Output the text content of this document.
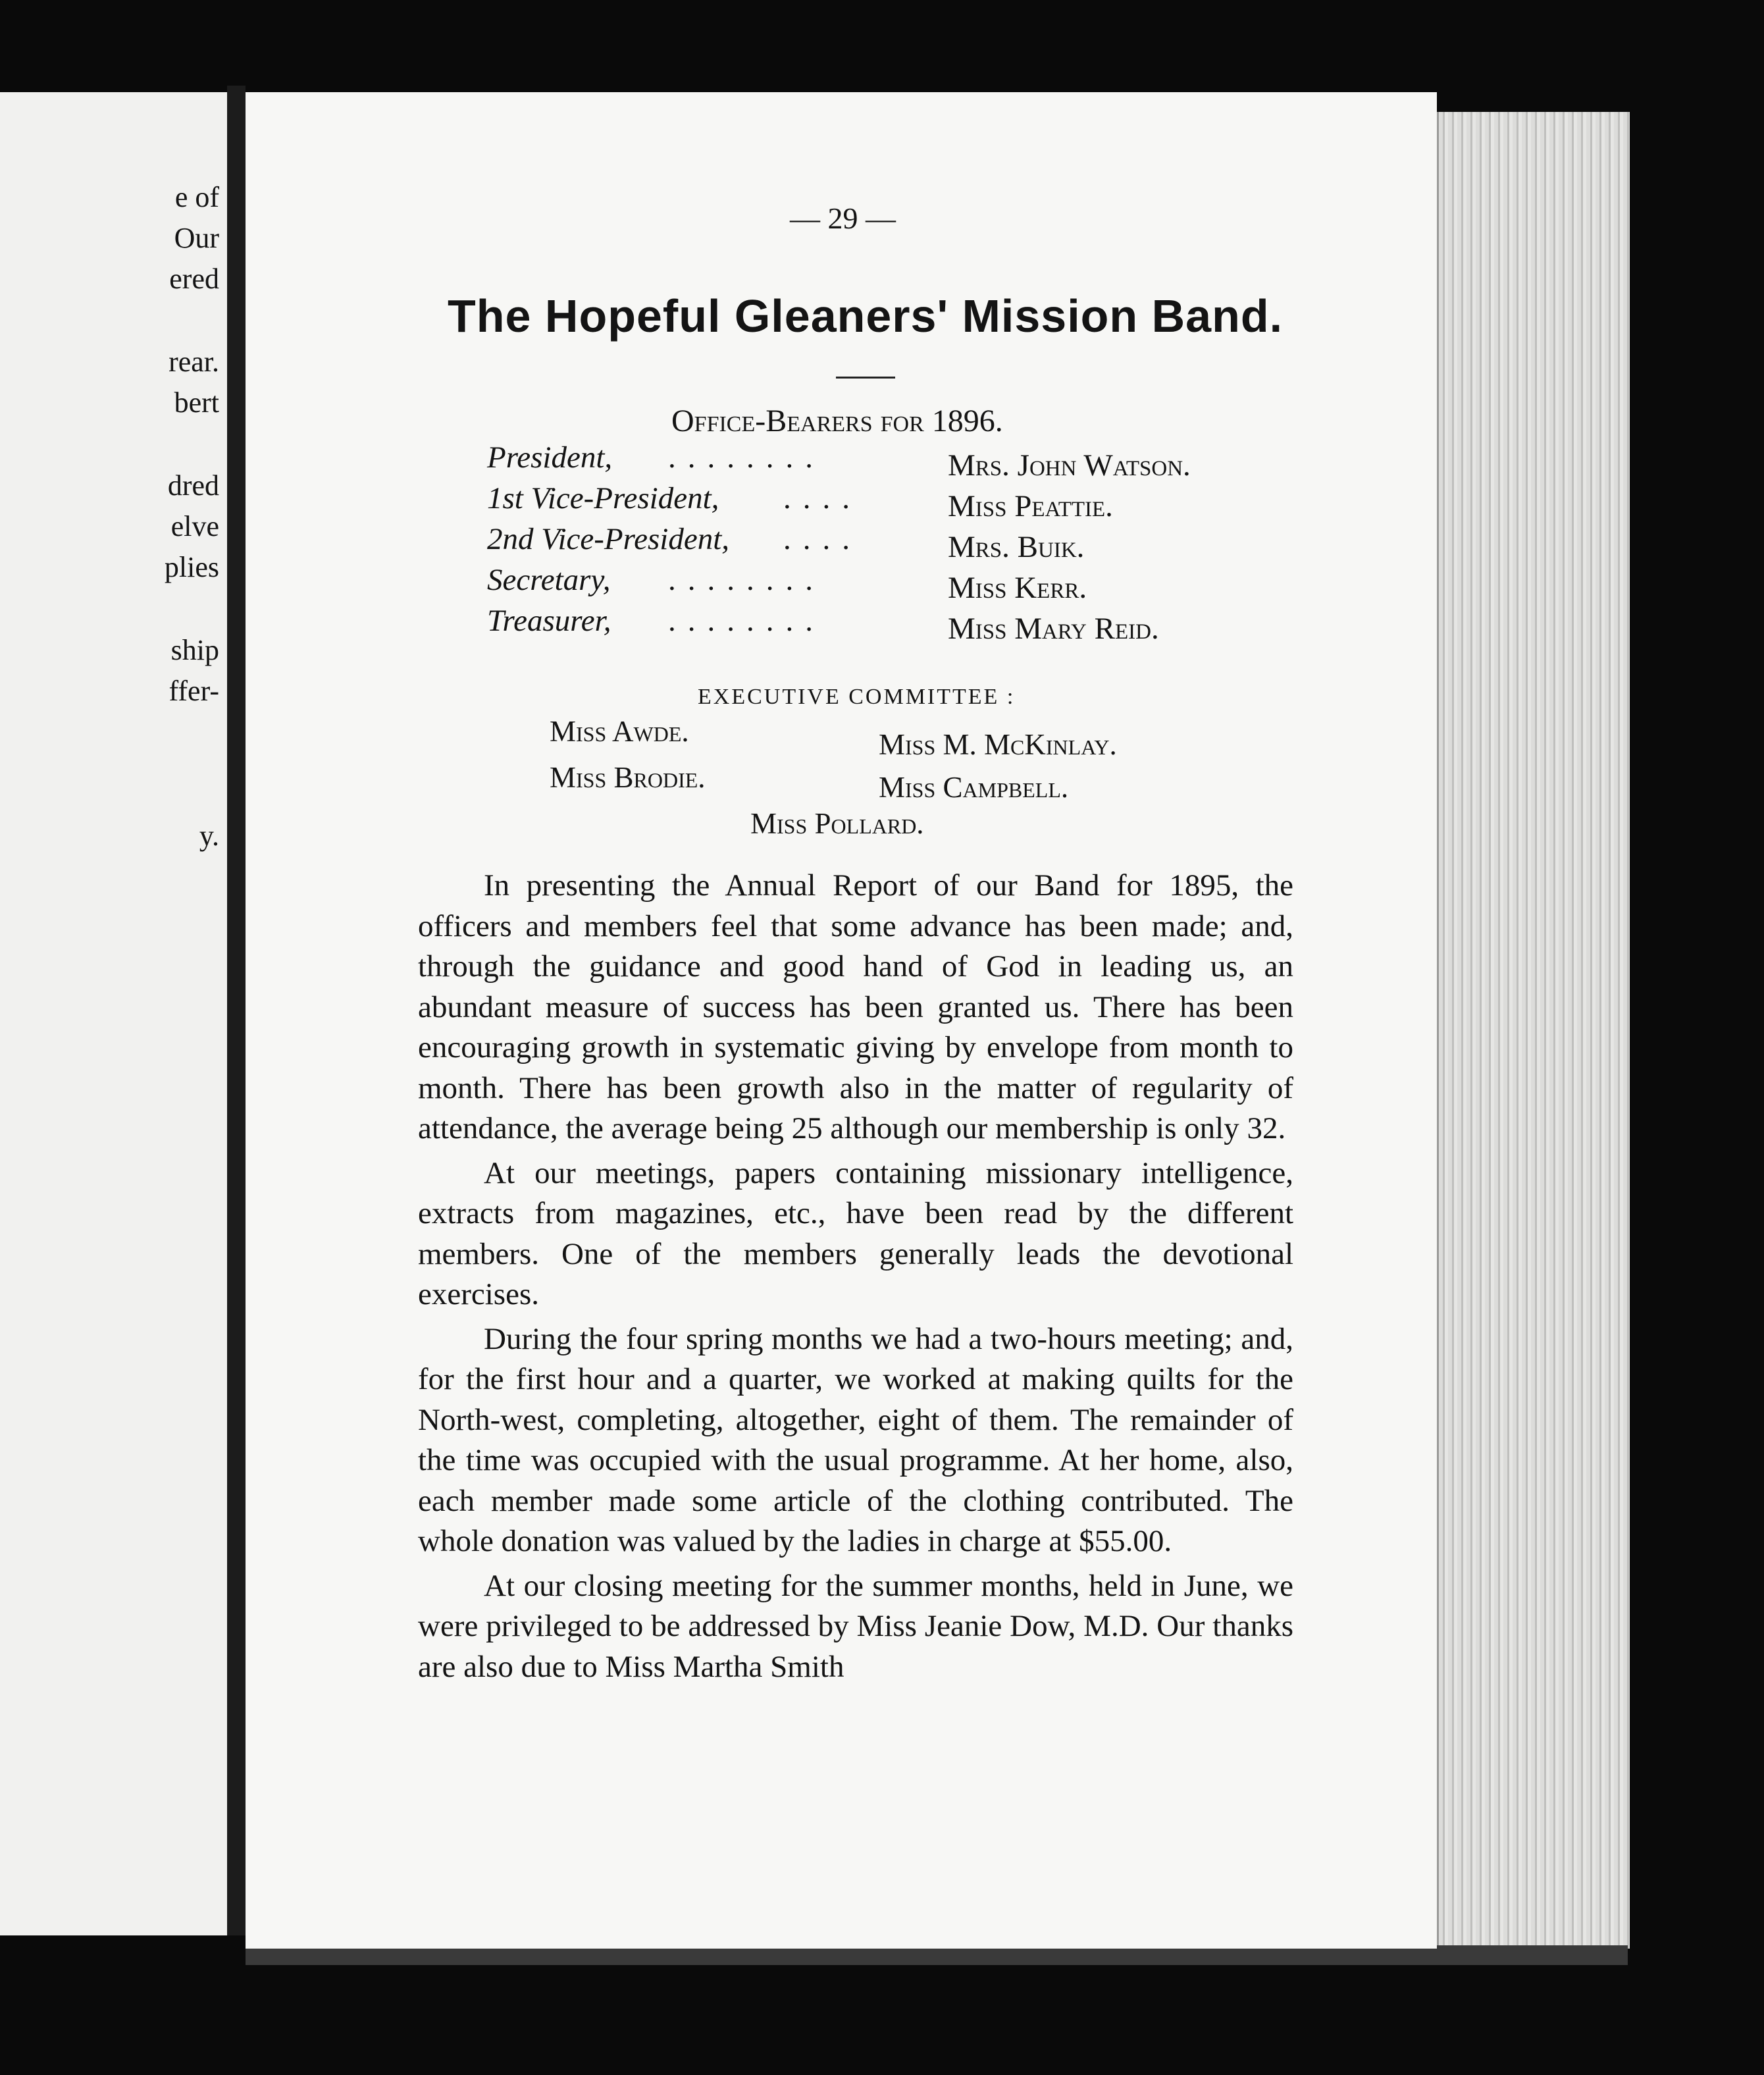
e of
Our
ered
rear.
bert
dred
elve
plies
ship
ffer-
y.
— 29 —
The Hopeful Gleaners' Mission Band.
Office-Bearers for 1896.
President, ........	Mrs. John Watson.
1st Vice-President, ....	Miss Peattie.
2nd Vice-President, ....	Mrs. Buik.
Secretary, ........	Miss Kerr.
Treasurer, ........	Miss Mary Reid.
EXECUTIVE COMMITTEE :
Miss Awde.	Miss M. McKinlay.
Miss Brodie.	Miss Campbell.
Miss Pollard.

In presenting the Annual Report of our Band for 1895, the officers and members feel that some advance has been made; and, through the guidance and good hand of God in leading us, an abundant measure of success has been granted us. There has been encouraging growth in systematic giving by envelope from month to month. There has been growth also in the matter of regularity of attendance, the average being 25 although our membership is only 32.

At our meetings, papers containing missionary intelligence, extracts from magazines, etc., have been read by the different members. One of the members generally leads the devotional exercises.

During the four spring months we had a two-hours meeting; and, for the first hour and a quarter, we worked at making quilts for the North-west, completing, altogether, eight of them. The remainder of the time was occupied with the usual programme. At her home, also, each member made some article of the clothing contributed. The whole donation was valued by the ladies in charge at $55.00.

At our closing meeting for the summer months, held in June, we were privileged to be addressed by Miss Jeanie Dow, M.D. Our thanks are also due to Miss Martha Smith
